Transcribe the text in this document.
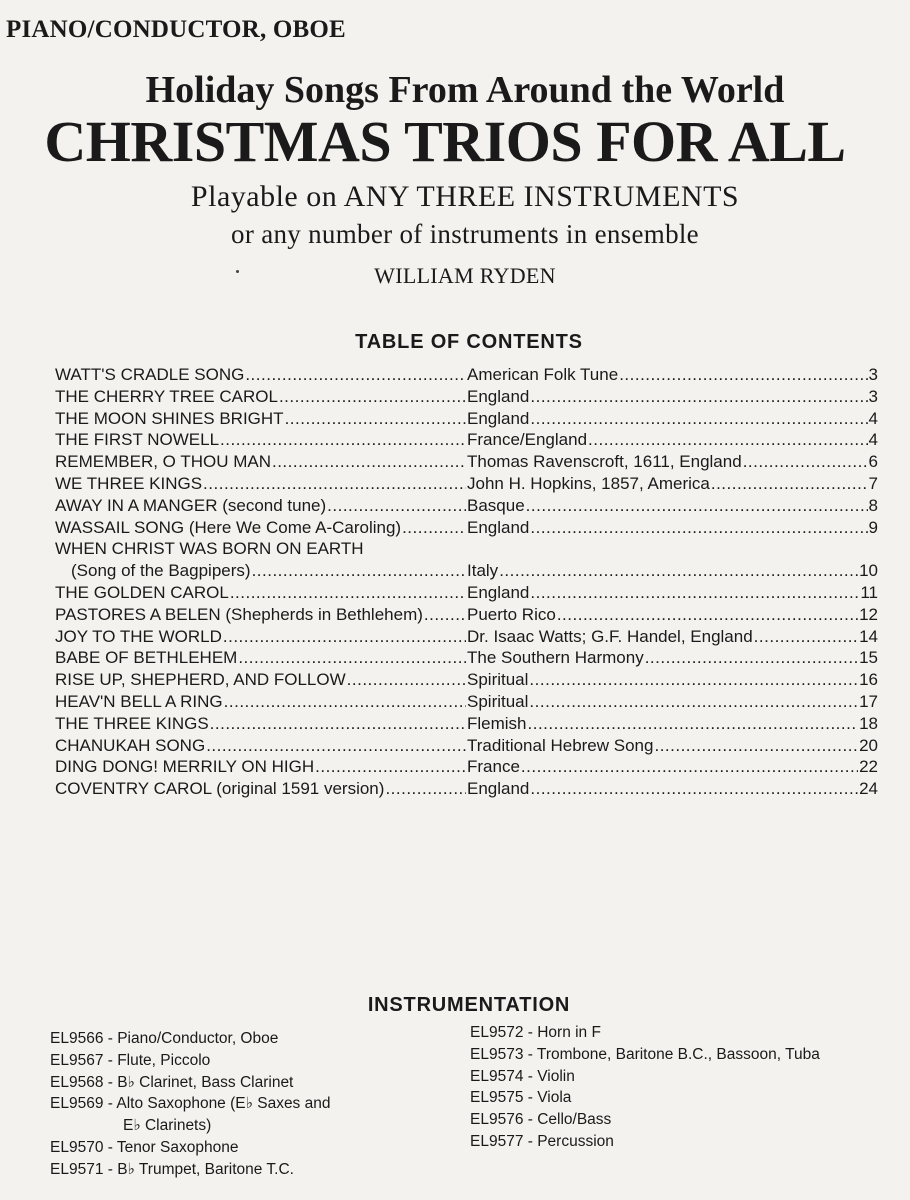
PIANO/CONDUCTOR, OBOE
Holiday Songs From Around the World
CHRISTMAS TRIOS FOR ALL
Playable on ANY THREE INSTRUMENTS
or any number of instruments in ensemble
WILLIAM RYDEN
TABLE OF CONTENTS
WATT'S CRADLE SONG .....	American Folk Tune .....	3
THE CHERRY TREE CAROL .....	England .....	3
THE MOON SHINES BRIGHT .....	England .....	4
THE FIRST NOWELL .....	France/England .....	4
REMEMBER, O THOU MAN .....	Thomas Ravenscroft, 1611, England .....	6
WE THREE KINGS .....	John H. Hopkins, 1857, America .....	7
AWAY IN A MANGER (second tune) .....	Basque .....	8
WASSAIL SONG (Here We Come A-Caroling) .....	England .....	9
WHEN CHRIST WAS BORN ON EARTH
(Song of the Bagpipers) .....	Italy .....	10
THE GOLDEN CAROL .....	England .....	11
PASTORES A BELEN (Shepherds in Bethlehem) .....	Puerto Rico .....	12
JOY TO THE WORLD .....	Dr. Isaac Watts; G.F. Handel, England .....	14
BABE OF BETHLEHEM .....	The Southern Harmony .....	15
RISE UP, SHEPHERD, AND FOLLOW .....	Spiritual .....	16
HEAV'N BELL A RING .....	Spiritual .....	17
THE THREE KINGS .....	Flemish .....	18
CHANUKAH SONG .....	Traditional Hebrew Song .....	20
DING DONG! MERRILY ON HIGH .....	France .....	22
COVENTRY CAROL (original 1591 version) .....	England .....	24
INSTRUMENTATION
EL9566 - Piano/Conductor, Oboe
EL9567 - Flute, Piccolo
EL9568 - B♭ Clarinet, Bass Clarinet
EL9569 - Alto Saxophone (E♭ Saxes and
E♭ Clarinets)
EL9570 - Tenor Saxophone
EL9571 - B♭ Trumpet, Baritone T.C.
EL9572 - Horn in F
EL9573 - Trombone, Baritone B.C., Bassoon, Tuba
EL9574 - Violin
EL9575 - Viola
EL9576 - Cello/Bass
EL9577 - Percussion
